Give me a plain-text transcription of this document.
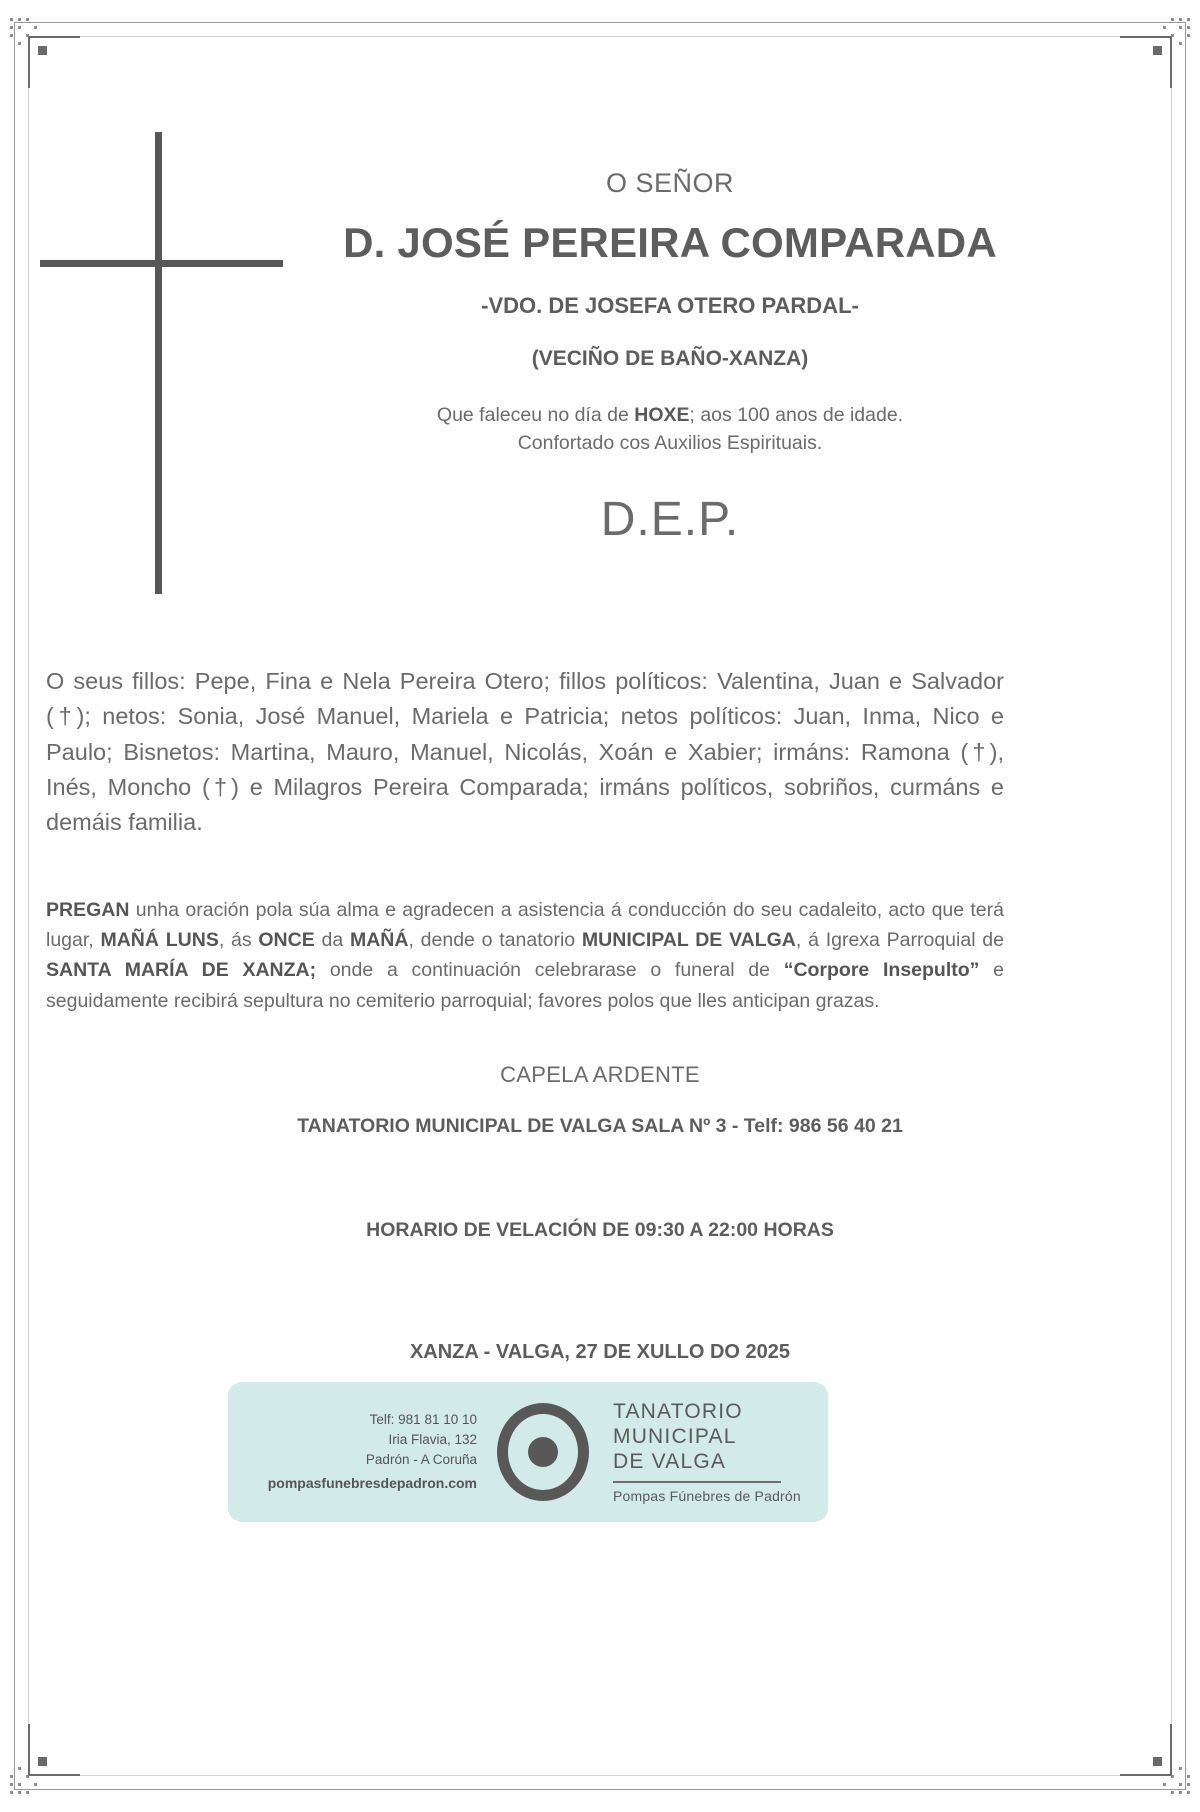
O SEÑOR
D. JOSÉ PEREIRA COMPARADA
-VDO. DE JOSEFA OTERO PARDAL-
(VECIÑO DE BAÑO-XANZA)
Que faleceu no día de HOXE; aos 100 anos de idade.
Confortado cos Auxilios Espirituais.
D.E.P.
O seus fillos: Pepe, Fina e Nela Pereira Otero; fillos políticos: Valentina, Juan e Salvador (†); netos: Sonia, José Manuel, Mariela e Patricia; netos políticos: Juan, Inma, Nico e Paulo; Bisnetos: Martina, Mauro, Manuel, Nicolás, Xoán e Xabier; irmáns: Ramona (†), Inés, Moncho (†) e Milagros Pereira Comparada; irmáns políticos, sobriños, curmáns e demáis familia.
PREGAN unha oración pola súa alma e agradecen a asistencia á conducción do seu cadaleito, acto que terá lugar, MAÑÁ LUNS, ás ONCE da MAÑÁ, dende o tanatorio MUNICIPAL DE VALGA, á Igrexa Parroquial de SANTA MARÍA DE XANZA; onde a continuación celebrarase o funeral de “Corpore Insepulto” e seguidamente recibirá sepultura no cemiterio parroquial; favores polos que lles anticipan grazas.
CAPELA ARDENTE
TANATORIO MUNICIPAL DE VALGA SALA Nº 3 - Telf: 986 56 40 21
HORARIO DE VELACIÓN DE 09:30 A 22:00 HORAS
XANZA - VALGA, 27 DE XULLO DO 2025
Telf: 981 81 10 10
Iria Flavia, 132
Padrón - A Coruña
pompasfunebresdepadron.com
TANATORIO
MUNICIPAL
DE VALGA
Pompas Fúnebres de Padrón
